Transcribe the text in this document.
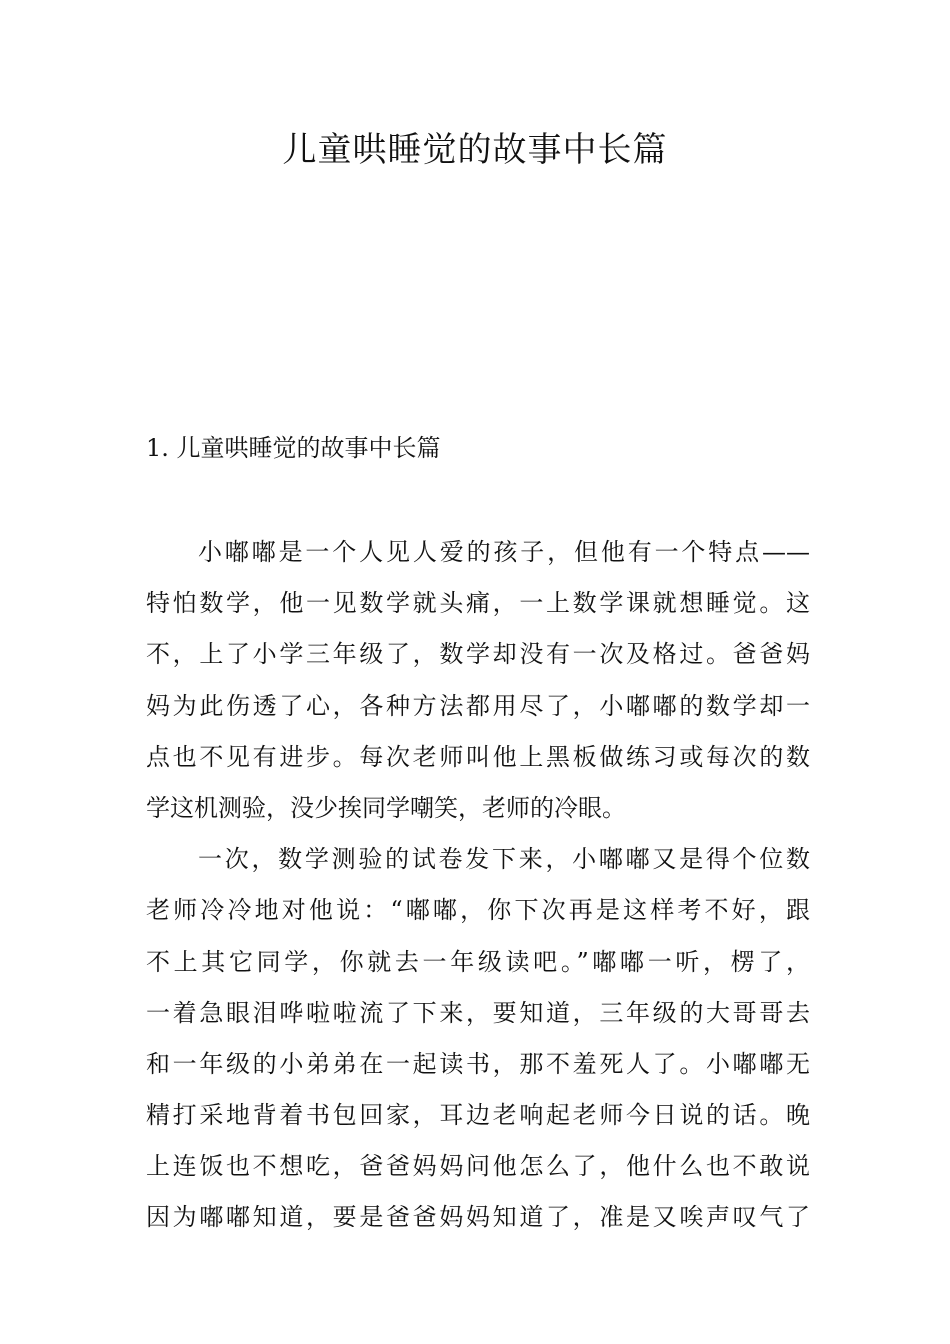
儿童哄睡觉的故事中长篇
1. 儿童哄睡觉的故事中长篇

小嘟嘟是一个人见人爱的孩子，但他有一个特点——
特怕数学，他一见数学就头痛，一上数学课就想睡觉。这
不，上了小学三年级了，数学却没有一次及格过。爸爸妈
妈为此伤透了心，各种方法都用尽了，小嘟嘟的数学却一
点也不见有进步。每次老师叫他上黑板做练习或每次的数
学这机测验，没少挨同学嘲笑，老师的冷眼。

一次，数学测验的试卷发下来，小嘟嘟又是得个位数
老师冷冷地对他说：“嘟嘟，你下次再是这样考不好，跟
不上其它同学，你就去一年级读吧。”嘟嘟一听，楞了，
一着急眼泪哗啦啦流了下来，要知道，三年级的大哥哥去
和一年级的小弟弟在一起读书，那不羞死人了。小嘟嘟无
精打采地背着书包回家，耳边老响起老师今日说的话。晚
上连饭也不想吃，爸爸妈妈问他怎么了，他什么也不敢说
因为嘟嘟知道，要是爸爸妈妈知道了，准是又唉声叹气了
